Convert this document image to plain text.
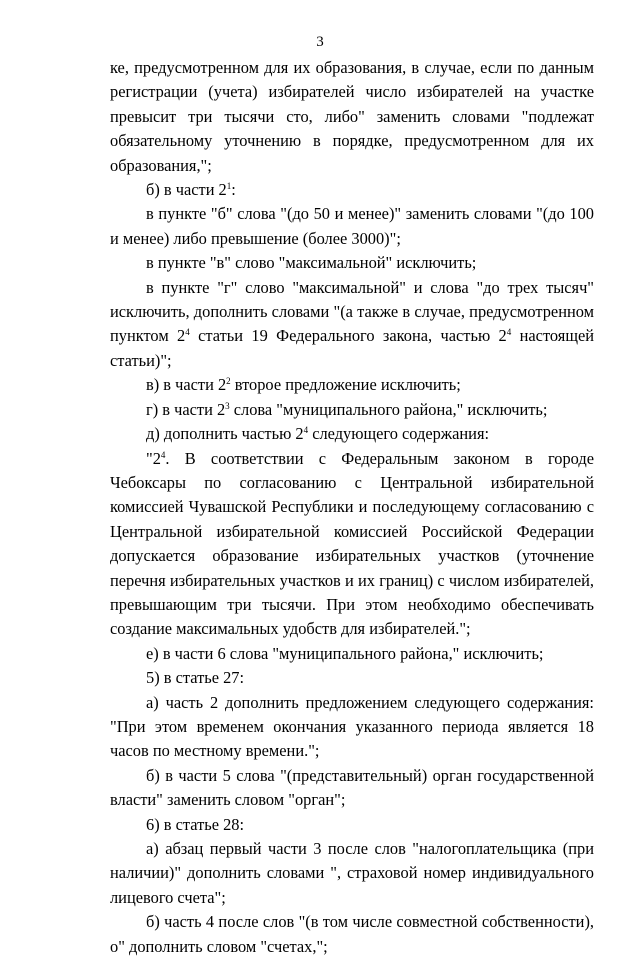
3

ке, предусмотренном для их образования, в случае, если по данным регистрации (учета) избирателей число избирателей на участке превысит три тысячи сто, либо" заменить словами "подлежат обязательному уточнению в порядке, предусмотренном для их образования,";

б) в части $2^1$:

в пункте "б" слова "(до 50 и менее)" заменить словами "(до 100 и менее) либо превышение (более 3000)";

в пункте "в" слово "максимальной" исключить;

в пункте "г" слово "максимальной" и слова "до трех тысяч" исключить, дополнить словами "(а также в случае, предусмотренном пунктом $2^4$ статьи 19 Федерального закона, частью $2^4$ настоящей статьи)";

в) в части $2^2$ второе предложение исключить;

г) в части $2^3$ слова "муниципального района," исключить;

д) дополнить частью $2^4$ следующего содержания:

"$2^4$. В соответствии с Федеральным законом в городе Чебоксары по согласованию с Центральной избирательной комиссией Чувашской Республики и последующему согласованию с Центральной избирательной комиссией Российской Федерации допускается образование избирательных участков (уточнение перечня избирательных участков и их границ) с числом избирателей, превышающим три тысячи. При этом необходимо обеспечивать создание максимальных удобств для избирателей.";

е) в части 6 слова "муниципального района," исключить;

5) в статье 27:

а) часть 2 дополнить предложением следующего содержания: "При этом временем окончания указанного периода является 18 часов по местному времени.";

б) в части 5 слова "(представительный) орган государственной власти" заменить словом "орган";

6) в статье 28:

а) абзац первый части 3 после слов "налогоплательщика (при наличии)" дополнить словами ", страховой номер индивидуального лицевого счета";

б) часть 4 после слов "(в том числе совместной собственности), о" дополнить словом "счетах,";
